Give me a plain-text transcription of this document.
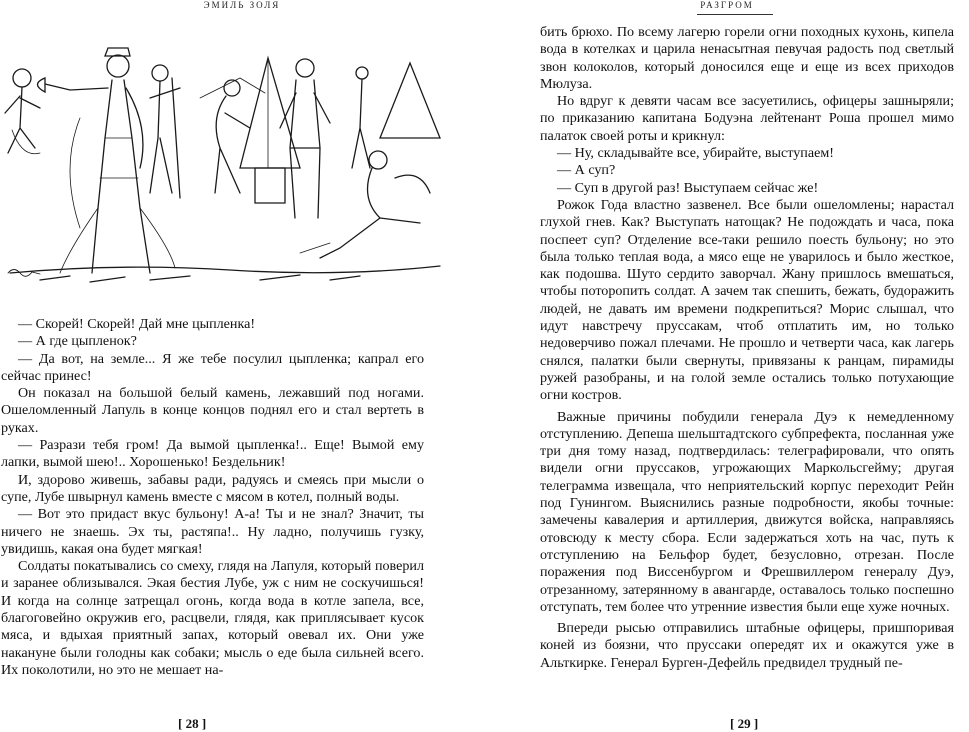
ЭМИЛЬ ЗОЛЯ

— Скорей! Скорей! Дай мне цыпленка!

— А где цыпленок?

— Да вот, на земле... Я же тебе посулил цыпленка; капрал его сейчас принес!

Он показал на большой белый камень, лежавший под ногами. Ошеломленный Лапуль в конце концов поднял его и стал вертеть в руках.

— Разрази тебя гром! Да вымой цыпленка!.. Еще! Вымой ему лапки, вымой шею!.. Хорошенько! Бездельник!

И, здорово живешь, забавы ради, радуясь и смеясь при мысли о супе, Лубе швырнул камень вместе с мясом в котел, полный воды.

— Вот это придаст вкус бульону! А-а! Ты и не знал? Значит, ты ничего не знаешь. Эх ты, растяпа!.. Ну ладно, получишь гузку, увидишь, какая она будет мягкая!

Солдаты покатывались со смеху, глядя на Лапуля, который поверил и заранее облизывался. Экая бестия Лубе, уж с ним не соскучишься! И когда на солнце затрещал огонь, когда вода в котле запела, все, благоговейно окружив его, расцвели, глядя, как приплясывает кусок мяса, и вдыхая приятный запах, который овевал их. Они уже накануне были голодны как собаки; мысль о еде была сильней всего. Их поколотили, но это не мешает на-

[ 28 ]
РАЗГРОМ

бить брюхо. По всему лагерю горели огни походных кухонь, кипела вода в котелках и царила ненасытная певучая радость под светлый звон колоколов, который доносился еще и еще из всех приходов Мюлуза.

Но вдруг к девяти часам все засуетились, офицеры зашныряли; по приказанию капитана Бодуэна лейтенант Роша прошел мимо палаток своей роты и крикнул:

— Ну, складывайте все, убирайте, выступаем!

— А суп?

— Суп в другой раз! Выступаем сейчас же!

Рожок Года властно зазвенел. Все были ошеломлены; нарастал глухой гнев. Как? Выступать натощак? Не подождать и часа, пока поспеет суп? Отделение все-таки решило поесть бульону; но это была только теплая вода, а мясо еще не уварилось и было жесткое, как подошва. Шуто сердито заворчал. Жану пришлось вмешаться, чтобы поторопить солдат. А зачем так спешить, бежать, будоражить людей, не давать им времени подкрепиться? Морис слышал, что идут навстречу пруссакам, чтоб отплатить им, но только недоверчиво пожал плечами. Не прошло и четверти часа, как лагерь снялся, палатки были свернуты, привязаны к ранцам, пирамиды ружей разобраны, и на голой земле остались только потухающие огни костров.

Важные причины побудили генерала Дуэ к немедленному отступлению. Депеша шельштадтского субпрефекта, посланная уже три дня тому назад, подтвердилась: телеграфировали, что опять видели огни пруссаков, угрожающих Маркольсгейму; другая телеграмма извещала, что неприятельский корпус переходит Рейн под Гунингом. Выяснились разные подробности, якобы точные: замечены кавалерия и артиллерия, движутся войска, направляясь отовсюду к месту сбора. Если задержаться хоть на час, путь к отступлению на Бельфор будет, безусловно, отрезан. После поражения под Виссенбургом и Фрешвиллером генералу Дуэ, отрезанному, затерянному в авангарде, оставалось только поспешно отступать, тем более что утренние известия были еще хуже ночных.

Впереди рысью отправились штабные офицеры, пришпоривая коней из боязни, что пруссаки опередят их и окажутся уже в Альткирке. Генерал Бурген-Дефейль предвидел трудный пе-

[ 29 ]
